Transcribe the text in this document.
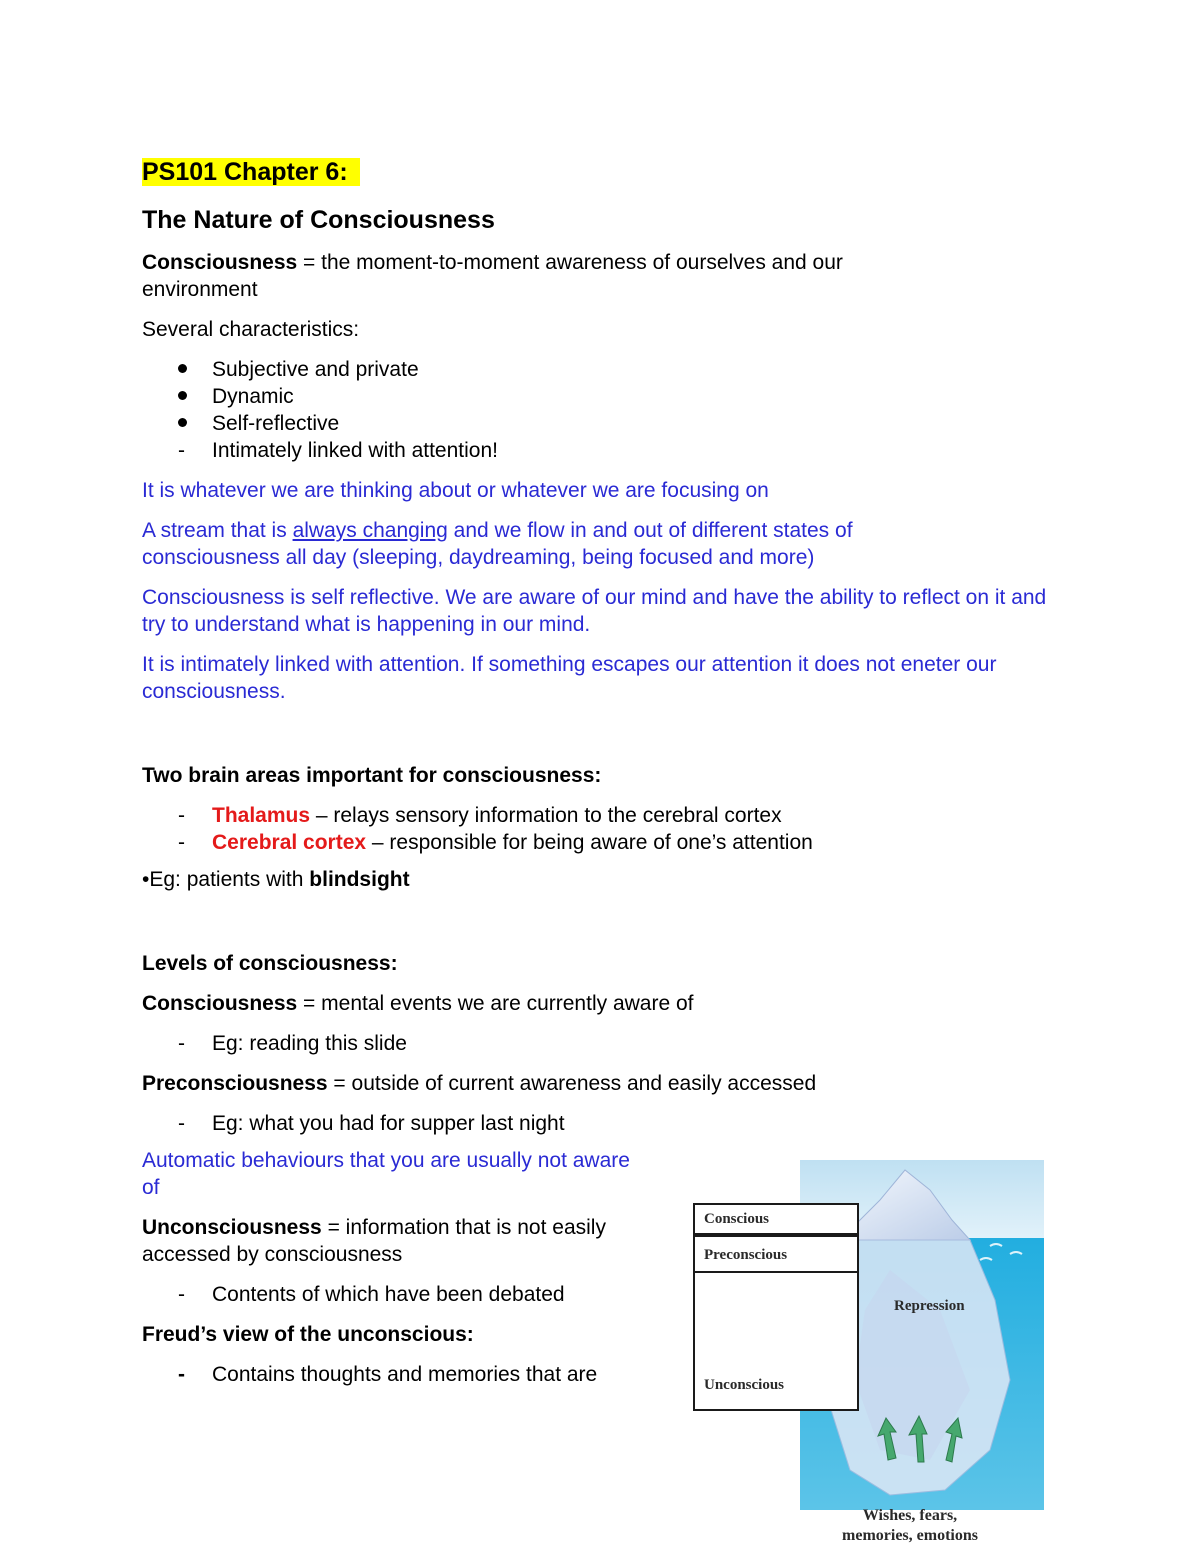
PS101 Chapter 6:

The Nature of Consciousness

Consciousness = the moment-to-moment awareness of ourselves and our environment

Several characteristics:

Subjective and private
Dynamic
Self-reflective
-	Intimately linked with attention!

It is whatever we are thinking about or whatever we are focusing on

A stream that is always changing and we flow in and out of different states of consciousness all day (sleeping, daydreaming, being focused and more)

Consciousness is self reflective. We are aware of our mind and have the ability to reflect on it and try to understand what is happening in our mind.

It is intimately linked with attention. If something escapes our attention it does not eneter our consciousness.

Two brain areas important for consciousness:

-	Thalamus – relays sensory information to the cerebral cortex
-	Cerebral cortex – responsible for being aware of one’s attention

•Eg: patients with blindsight

Levels of consciousness:

Consciousness = mental events we are currently aware of

-	Eg: reading this slide

Preconsciousness = outside of current awareness and easily accessed

-	Eg: what you had for supper last night

Automatic behaviours that you are usually not aware of

Unconsciousness = information that is not easily accessed by consciousness

-	Contents of which have been debated

Freud’s view of the unconscious:

-	Contains thoughts and memories that are
Conscious
Preconscious
Repression
Unconscious
Wishes, fears,
memories, emotions
